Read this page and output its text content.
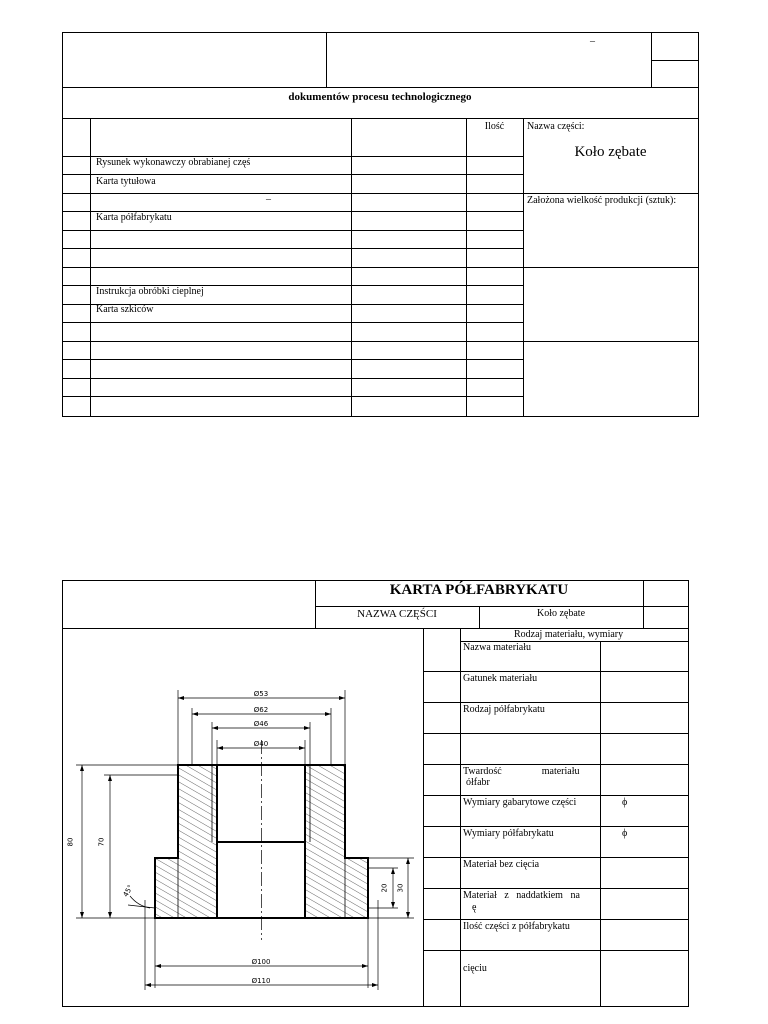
–
dokumentów procesu technologicznego
Ilość	Nazwa części:
Koło zębate
Założona wielkość produkcji (sztuk):
Rysunek wykonawczy obrabianej częś
Karta tytułowa
–
Karta półfabrykatu
Instrukcja obróbki cieplnej
Karta szkiców
KARTA PÓŁFABRYKATU
NAZWA CZĘŚCI	Koło zębate
Rodzaj materiału, wymiary
Nazwa materiału
Gatunek materiału
Rodzaj półfabrykatu
Twardość                materiału
ółfabr
Wymiary gabarytowe części	ϕ
Wymiary półfabrykatu	ϕ
Materiał bez cięcia
Materiał   z   naddatkiem   na
ę
Ilość części z półfabrykatu
cięciu
Ø53
Ø62
Ø46
Ø40
Ø100
Ø110
80	70
20 30
45°
